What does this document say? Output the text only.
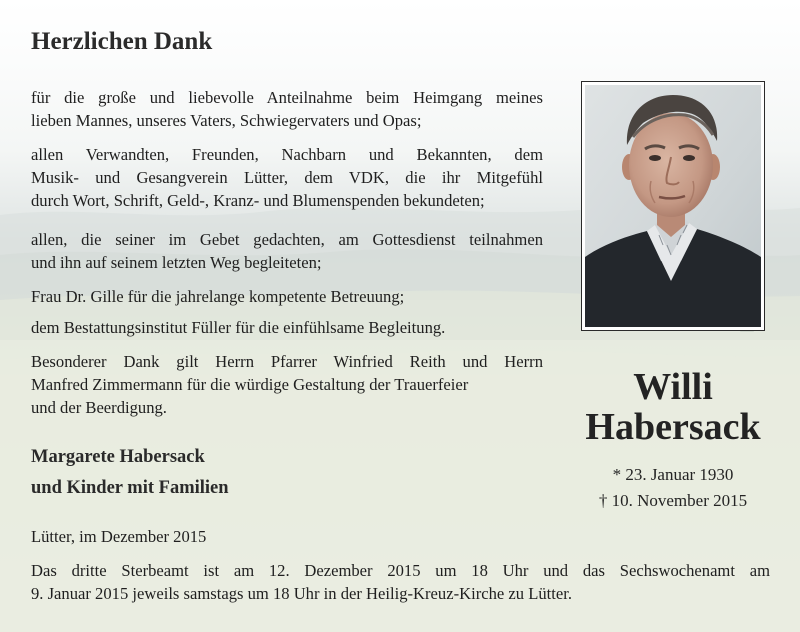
Herzlichen Dank

für die große und liebevolle Anteilnahme beim Heimgang meines

lieben Mannes, unseres Vaters, Schwiegervaters und Opas;

allen Verwandten, Freunden, Nachbarn und Bekannten, dem

Musik- und Gesangverein Lütter, dem VDK, die ihr Mitgefühl

durch Wort, Schrift, Geld-, Kranz- und Blumenspenden bekundeten;

allen, die seiner im Gebet gedachten, am Gottesdienst teilnahmen

und ihn auf seinem letzten Weg begleiteten;

Frau Dr. Gille für die jahrelange kompetente Betreuung;

dem Bestattungsinstitut Füller für die einfühlsame Begleitung.

Besonderer Dank gilt Herrn Pfarrer Winfried Reith und Herrn

Manfred Zimmermann für die würdige Gestaltung der Trauerfeier

und der Beerdigung.

Margarete Habersack

und Kinder mit Familien

Lütter, im Dezember 2015

Das dritte Sterbeamt ist am 12. Dezember 2015 um 18 Uhr und das Sechswochenamt am

9. Januar 2015 jeweils samstags um 18 Uhr in der Heilig-Kreuz-Kirche zu Lütter.

Willi

Habersack

* 23. Januar 1930

† 10. November 2015
